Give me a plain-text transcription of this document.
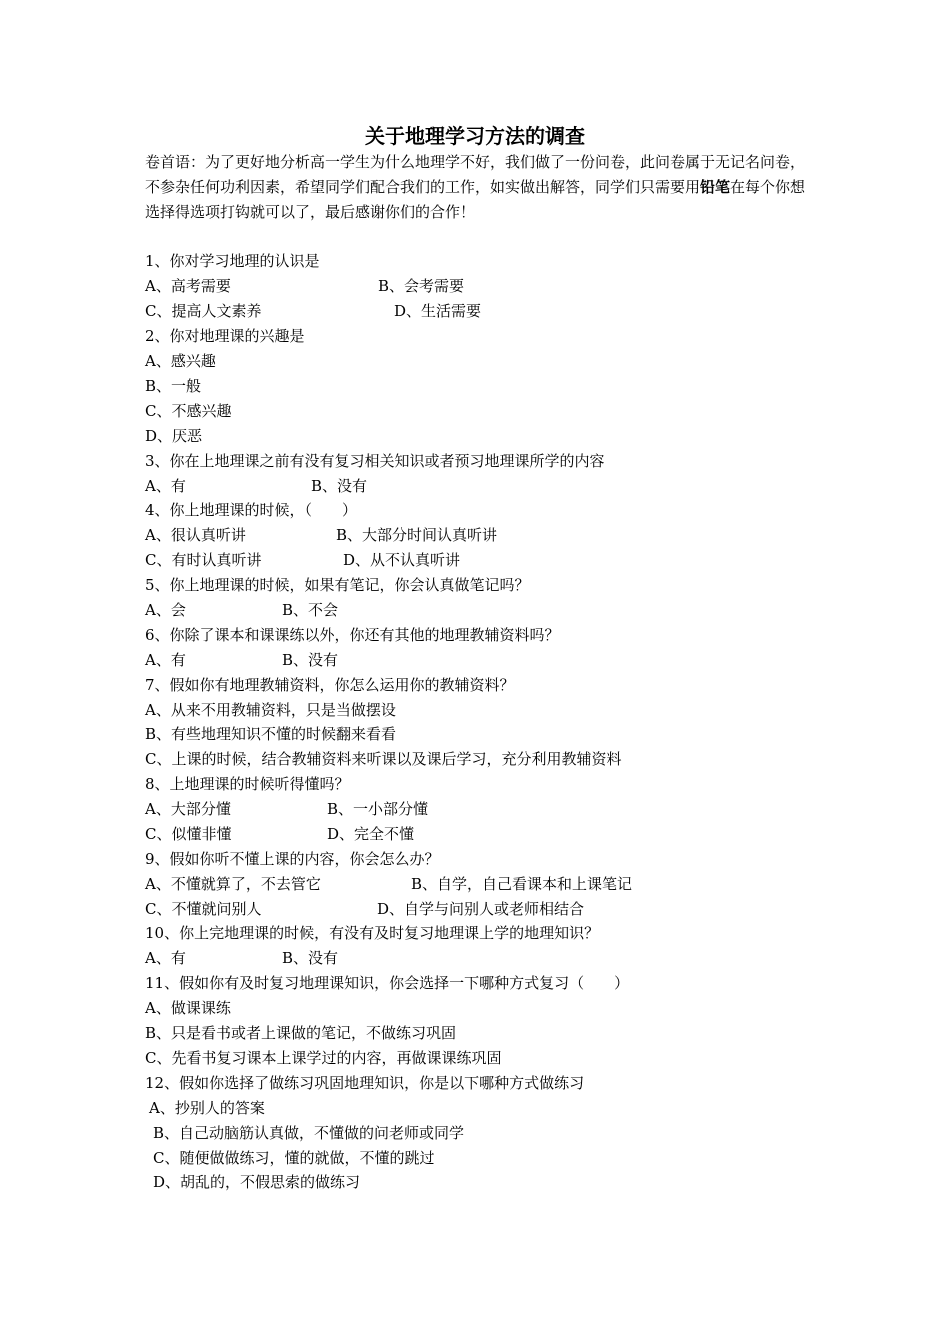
关于地理学习方法的调查
卷首语：为了更好地分析高一学生为什么地理学不好，我们做了一份问卷，此问卷属于无记名问卷，不参杂任何功利因素，希望同学们配合我们的工作，如实做出解答，同学们只需要用铅笔在每个你想选择得选项打钩就可以了，最后感谢你们的合作！
1、你对学习地理的认识是
A、高考需要	B、会考需要
C、提高人文素养	D、生活需要
2、你对地理课的兴趣是
A、感兴趣
B、一般
C、不感兴趣
D、厌恶
3、你在上地理课之前有没有复习相关知识或者预习地理课所学的内容
A、有	B、没有
4、你上地理课的时候，（　　）
A、很认真听讲	B、大部分时间认真听讲
C、有时认真听讲	D、从不认真听讲
5、你上地理课的时候，如果有笔记，你会认真做笔记吗？
A、会	B、不会
6、你除了课本和课课练以外，你还有其他的地理教辅资料吗？
A、有	B、没有
7、假如你有地理教辅资料，你怎么运用你的教辅资料？
A、从来不用教辅资料，只是当做摆设
B、有些地理知识不懂的时候翻来看看
C、上课的时候，结合教辅资料来听课以及课后学习，充分利用教辅资料
8、上地理课的时候听得懂吗？
A、大部分懂	B、一小部分懂
C、似懂非懂	D、完全不懂
9、假如你听不懂上课的内容，你会怎么办？
A、不懂就算了，不去管它	B、自学，自己看课本和上课笔记
C、不懂就问别人	D、自学与问别人或老师相结合
10、你上完地理课的时候，有没有及时复习地理课上学的地理知识？
A、有	B、没有
11、假如你有及时复习地理课知识，你会选择一下哪种方式复习（　　）
A、做课课练
B、只是看书或者上课做的笔记，不做练习巩固
C、先看书复习课本上课学过的内容，再做课课练巩固
12、假如你选择了做练习巩固地理知识，你是以下哪种方式做练习
A、抄别人的答案
B、自己动脑筋认真做，不懂做的问老师或同学
C、随便做做练习，懂的就做，不懂的跳过
D、胡乱的，不假思索的做练习
